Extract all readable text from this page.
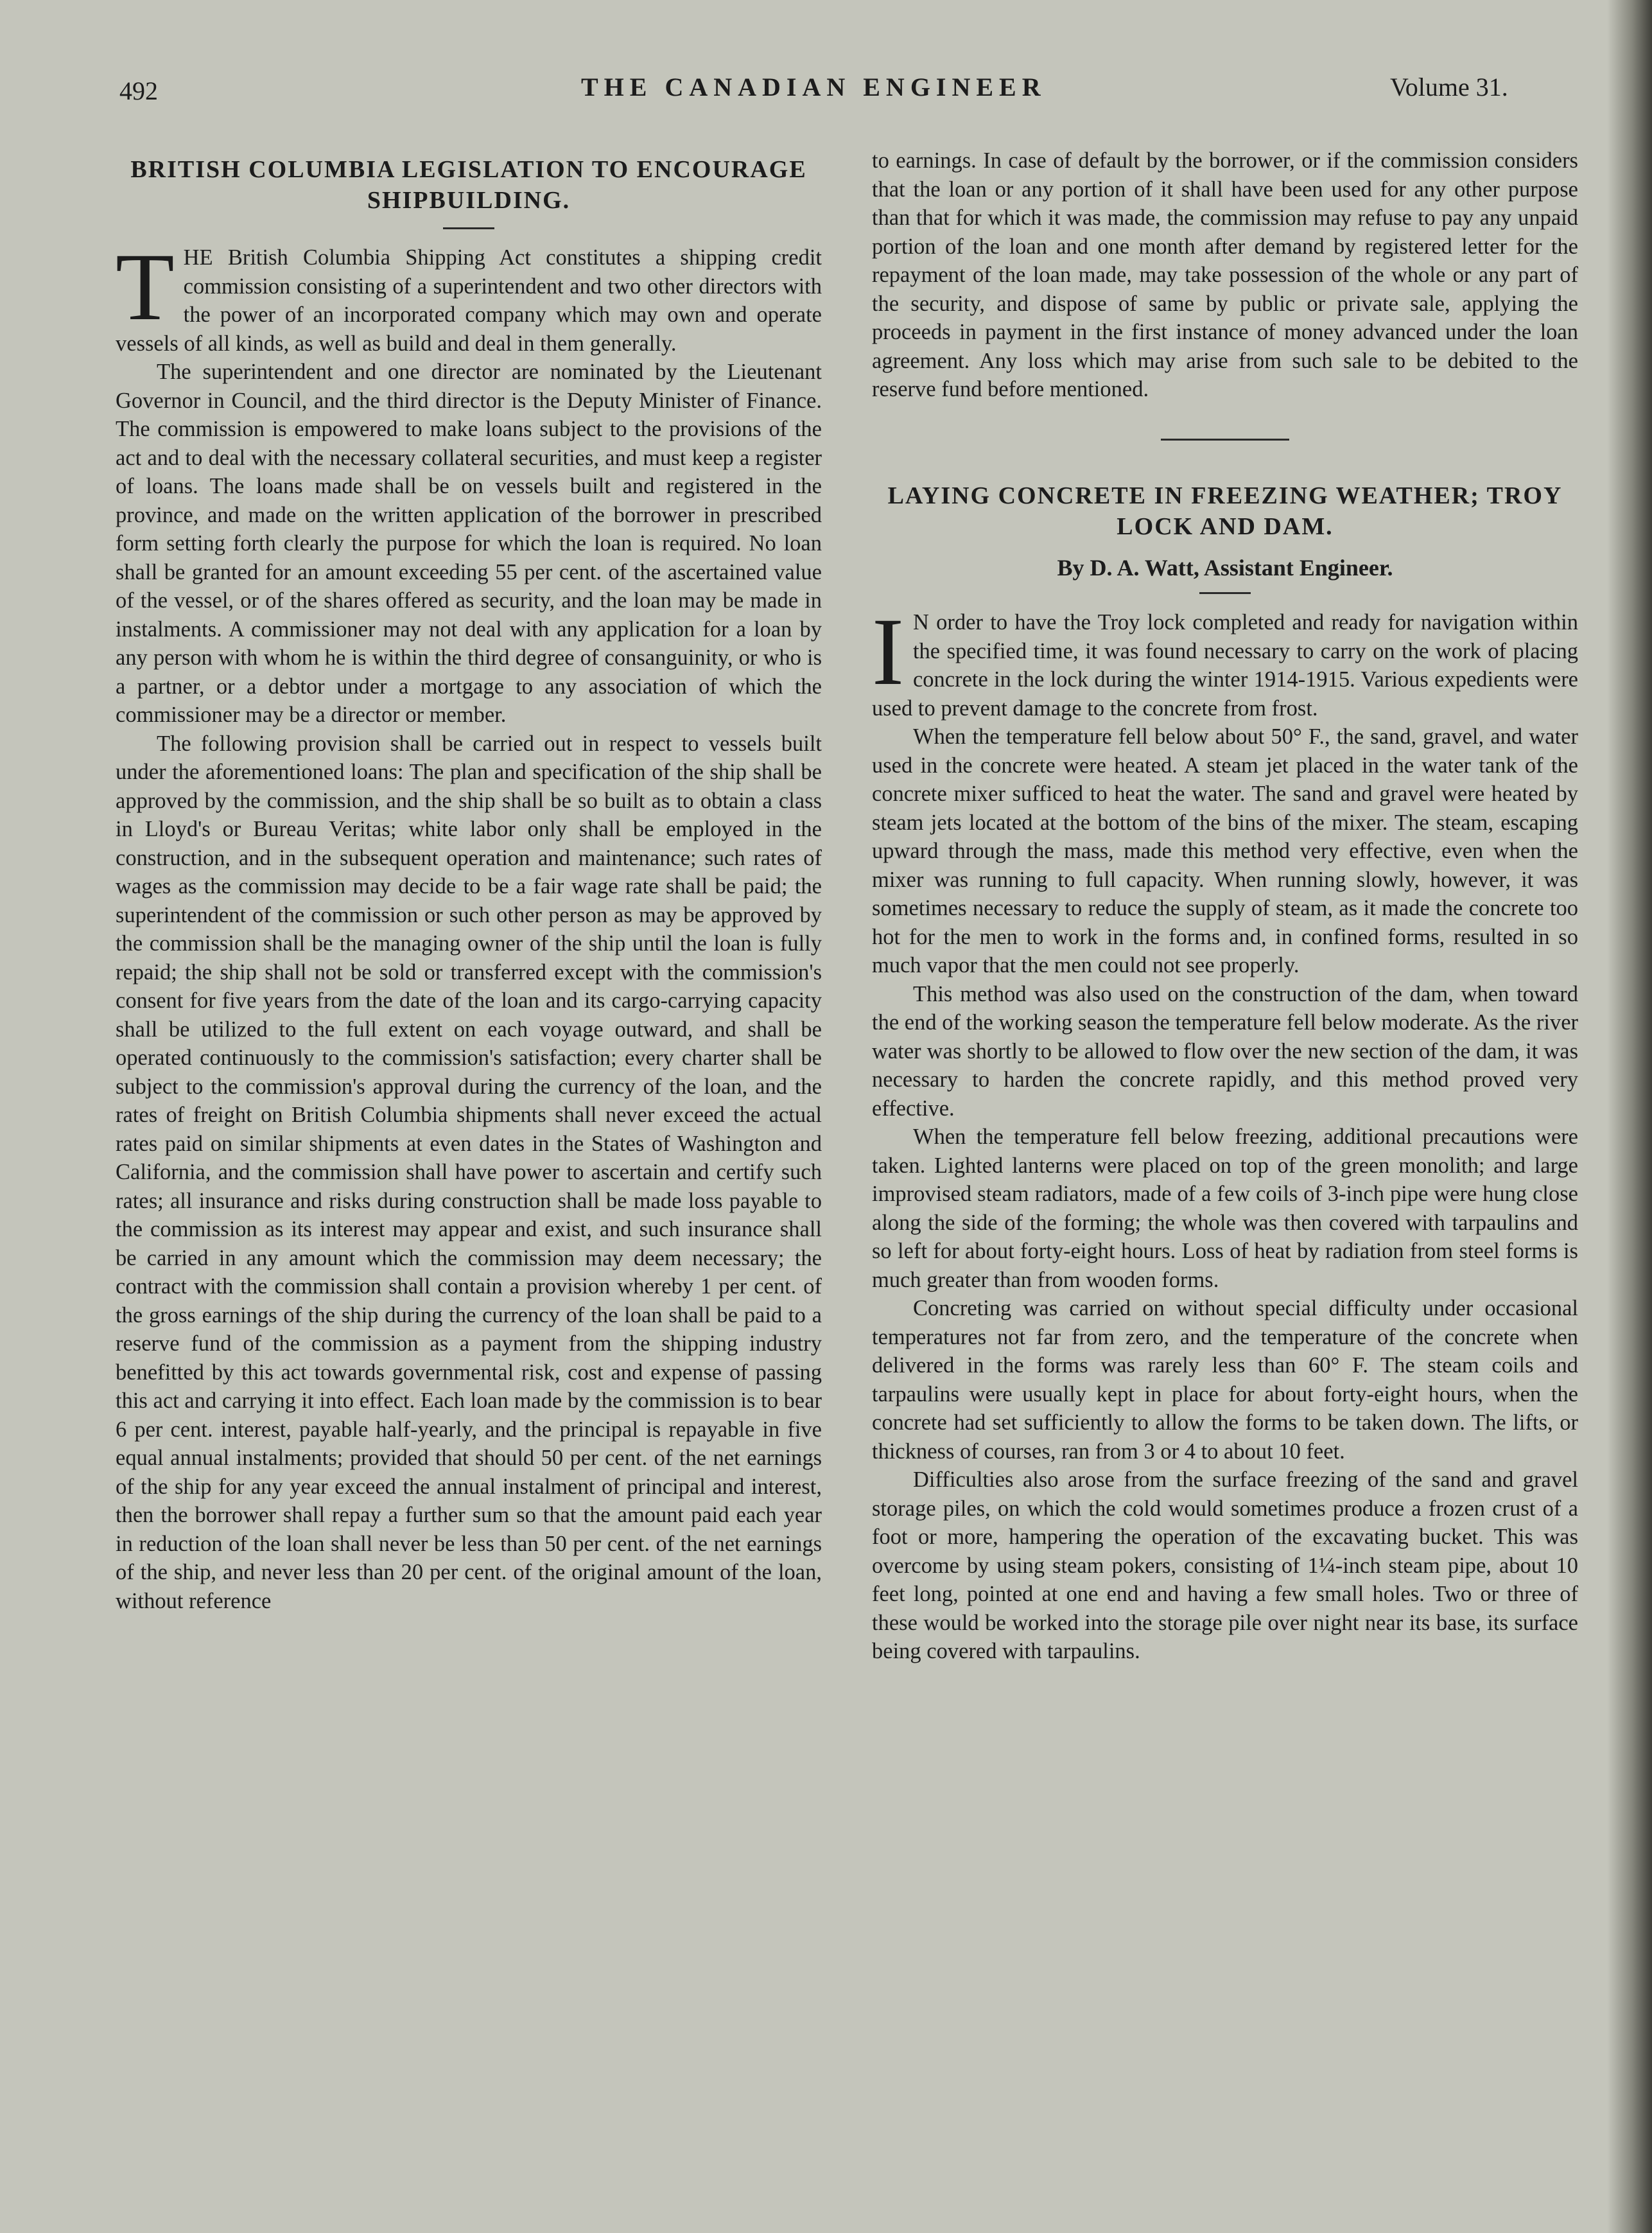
492	THE CANADIAN ENGINEER	Volume 31.
BRITISH COLUMBIA LEGISLATION TO ENCOURAGE SHIPBUILDING.

THE British Columbia Shipping Act constitutes a shipping credit commission consisting of a superintendent and two other directors with the power of an incorporated company which may own and operate vessels of all kinds, as well as build and deal in them generally.

The superintendent and one director are nominated by the Lieutenant Governor in Council, and the third director is the Deputy Minister of Finance. The commission is empowered to make loans subject to the provisions of the act and to deal with the necessary collateral securities, and must keep a register of loans. The loans made shall be on vessels built and registered in the province, and made on the written application of the borrower in prescribed form setting forth clearly the purpose for which the loan is required. No loan shall be granted for an amount exceeding 55 per cent. of the ascertained value of the vessel, or of the shares offered as security, and the loan may be made in instalments. A commissioner may not deal with any application for a loan by any person with whom he is within the third degree of consanguinity, or who is a partner, or a debtor under a mortgage to any association of which the commissioner may be a director or member.

The following provision shall be carried out in respect to vessels built under the aforementioned loans: The plan and specification of the ship shall be approved by the commission, and the ship shall be so built as to obtain a class in Lloyd's or Bureau Veritas; white labor only shall be employed in the construction, and in the subsequent operation and maintenance; such rates of wages as the commission may decide to be a fair wage rate shall be paid; the superintendent of the commission or such other person as may be approved by the commission shall be the managing owner of the ship until the loan is fully repaid; the ship shall not be sold or transferred except with the commission's consent for five years from the date of the loan and its cargo-carrying capacity shall be utilized to the full extent on each voyage outward, and shall be operated continuously to the commission's satisfaction; every charter shall be subject to the commission's approval during the currency of the loan, and the rates of freight on British Columbia shipments shall never exceed the actual rates paid on similar shipments at even dates in the States of Washington and California, and the commission shall have power to ascertain and certify such rates; all insurance and risks during construction shall be made loss payable to the commission as its interest may appear and exist, and such insurance shall be carried in any amount which the commission may deem necessary; the contract with the commission shall contain a provision whereby 1 per cent. of the gross earnings of the ship during the currency of the loan shall be paid to a reserve fund of the commission as a payment from the shipping industry benefitted by this act towards governmental risk, cost and expense of passing this act and carrying it into effect. Each loan made by the commission is to bear 6 per cent. interest, payable half-yearly, and the principal is repayable in five equal annual instalments; provided that should 50 per cent. of the net earnings of the ship for any year exceed the annual instalment of principal and interest, then the borrower shall repay a further sum so that the amount paid each year in reduction of the loan shall never be less than 50 per cent. of the net earnings of the ship, and never less than 20 per cent. of the original amount of the loan, without reference

to earnings. In case of default by the borrower, or if the commission considers that the loan or any portion of it shall have been used for any other purpose than that for which it was made, the commission may refuse to pay any unpaid portion of the loan and one month after demand by registered letter for the repayment of the loan made, may take possession of the whole or any part of the security, and dispose of same by public or private sale, applying the proceeds in payment in the first instance of money advanced under the loan agreement. Any loss which may arise from such sale to be debited to the reserve fund before mentioned.

LAYING CONCRETE IN FREEZING WEATHER; TROY LOCK AND DAM.
By D. A. Watt, Assistant Engineer.

I N order to have the Troy lock completed and ready for navigation within the specified time, it was found necessary to carry on the work of placing concrete in the lock during the winter 1914-1915. Various expedients were used to prevent damage to the concrete from frost.

When the temperature fell below about 50° F., the sand, gravel, and water used in the concrete were heated. A steam jet placed in the water tank of the concrete mixer sufficed to heat the water. The sand and gravel were heated by steam jets located at the bottom of the bins of the mixer. The steam, escaping upward through the mass, made this method very effective, even when the mixer was running to full capacity. When running slowly, however, it was sometimes necessary to reduce the supply of steam, as it made the concrete too hot for the men to work in the forms and, in confined forms, resulted in so much vapor that the men could not see properly.

This method was also used on the construction of the dam, when toward the end of the working season the temperature fell below moderate. As the river water was shortly to be allowed to flow over the new section of the dam, it was necessary to harden the concrete rapidly, and this method proved very effective.

When the temperature fell below freezing, additional precautions were taken. Lighted lanterns were placed on top of the green monolith; and large improvised steam radiators, made of a few coils of 3-inch pipe were hung close along the side of the forming; the whole was then covered with tarpaulins and so left for about forty-eight hours. Loss of heat by radiation from steel forms is much greater than from wooden forms.

Concreting was carried on without special difficulty under occasional temperatures not far from zero, and the temperature of the concrete when delivered in the forms was rarely less than 60° F. The steam coils and tarpaulins were usually kept in place for about forty-eight hours, when the concrete had set sufficiently to allow the forms to be taken down. The lifts, or thickness of courses, ran from 3 or 4 to about 10 feet.

Difficulties also arose from the surface freezing of the sand and gravel storage piles, on which the cold would sometimes produce a frozen crust of a foot or more, hampering the operation of the excavating bucket. This was overcome by using steam pokers, consisting of 1¼-inch steam pipe, about 10 feet long, pointed at one end and having a few small holes. Two or three of these would be worked into the storage pile over night near its base, its surface being covered with tarpaulins.
